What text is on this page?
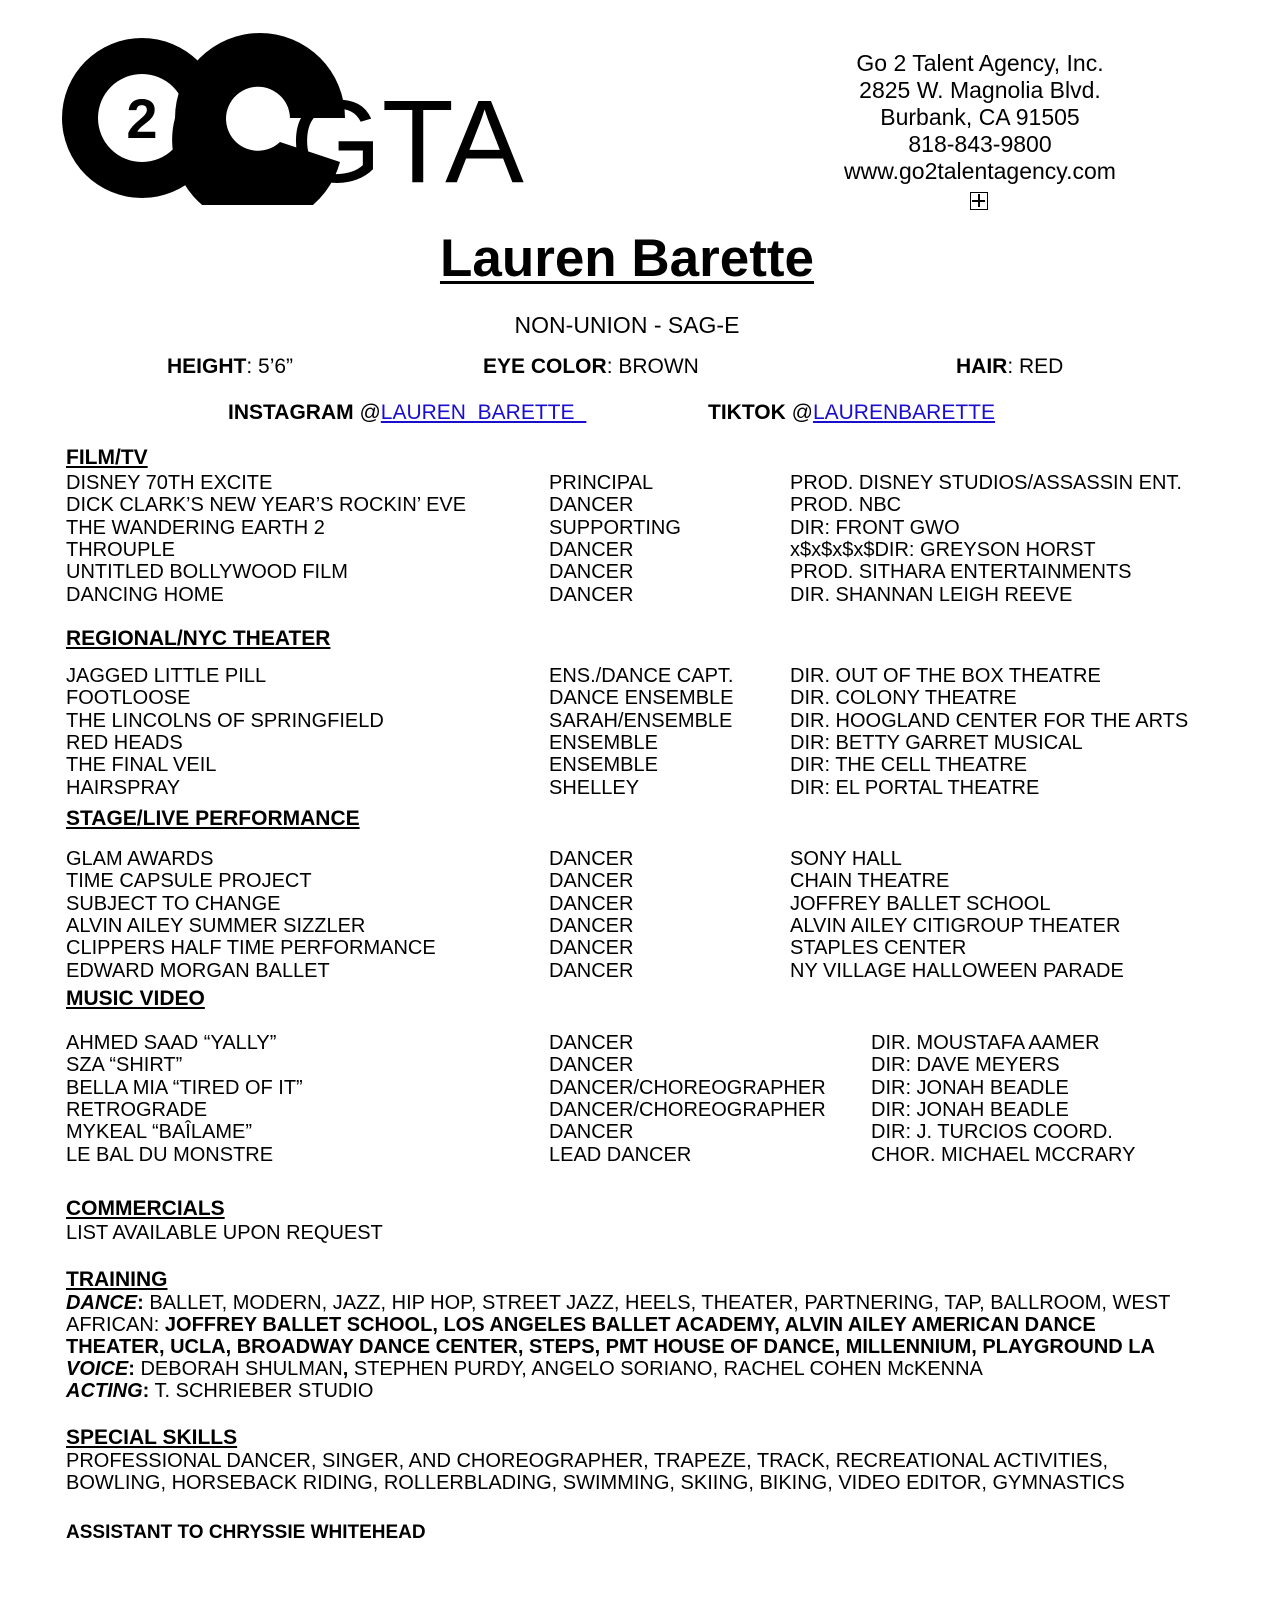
2 GTA
Go 2 Talent Agency, Inc.
2825 W. Magnolia Blvd.
Burbank, CA 91505
818-843-9800
www.go2talentagency.com
Lauren Barette
NON-UNION - SAG-E
HEIGHT: 5’6”	EYE COLOR: BROWN	HAIR: RED
INSTAGRAM @LAUREN_BARETTE_	TIKTOK @LAURENBARETTE
FILM/TV
DISNEY 70TH EXCITE	PRINCIPAL	PROD. DISNEY STUDIOS/ASSASSIN ENT.
DICK CLARK’S NEW YEAR’S ROCKIN’ EVE	DANCER	PROD. NBC
THE WANDERING EARTH 2	SUPPORTING	DIR: FRONT GWO
THROUPLE	DANCER	x$x$x$x$DIR: GREYSON HORST
UNTITLED BOLLYWOOD FILM	DANCER	PROD. SITHARA ENTERTAINMENTS
DANCING HOME	DANCER	DIR. SHANNAN LEIGH REEVE
REGIONAL/NYC THEATER
JAGGED LITTLE PILL	ENS./DANCE CAPT.	DIR. OUT OF THE BOX THEATRE
FOOTLOOSE	DANCE ENSEMBLE	DIR. COLONY THEATRE
THE LINCOLNS OF SPRINGFIELD	SARAH/ENSEMBLE	DIR. HOOGLAND CENTER FOR THE ARTS
RED HEADS	ENSEMBLE	DIR: BETTY GARRET MUSICAL
THE FINAL VEIL	ENSEMBLE	DIR: THE CELL THEATRE
HAIRSPRAY	SHELLEY	DIR: EL PORTAL THEATRE
STAGE/LIVE PERFORMANCE
GLAM AWARDS	DANCER	SONY HALL
TIME CAPSULE PROJECT	DANCER	CHAIN THEATRE
SUBJECT TO CHANGE	DANCER	JOFFREY BALLET SCHOOL
ALVIN AILEY SUMMER SIZZLER	DANCER	ALVIN AILEY CITIGROUP THEATER
CLIPPERS HALF TIME PERFORMANCE	DANCER	STAPLES CENTER
EDWARD MORGAN BALLET	DANCER	NY VILLAGE HALLOWEEN PARADE
MUSIC VIDEO
AHMED SAAD “YALLY”	DANCER	DIR. MOUSTAFA AAMER
SZA “SHIRT”	DANCER	DIR: DAVE MEYERS
BELLA MIA “TIRED OF IT”	DANCER/CHOREOGRAPHER DIR: JONAH BEADLE
RETROGRADE	DANCER/CHOREOGRAPHER DIR: JONAH BEADLE
MYKEAL “BAÎLAME”	DANCER	DIR: J. TURCIOS COORD.
LE BAL DU MONSTRE	LEAD DANCER	CHOR. MICHAEL MCCRARY
COMMERCIALS
LIST AVAILABLE UPON REQUEST
TRAINING
DANCE: BALLET, MODERN, JAZZ, HIP HOP, STREET JAZZ, HEELS, THEATER, PARTNERING, TAP, BALLROOM, WEST AFRICAN: JOFFREY BALLET SCHOOL, LOS ANGELES BALLET ACADEMY, ALVIN AILEY AMERICAN DANCE THEATER, UCLA, BROADWAY DANCE CENTER, STEPS, PMT HOUSE OF DANCE, MILLENNIUM, PLAYGROUND LA
VOICE: DEBORAH SHULMAN, STEPHEN PURDY, ANGELO SORIANO, RACHEL COHEN McKENNA
ACTING: T. SCHRIEBER STUDIO
SPECIAL SKILLS
PROFESSIONAL DANCER, SINGER, AND CHOREOGRAPHER, TRAPEZE, TRACK, RECREATIONAL ACTIVITIES, BOWLING, HORSEBACK RIDING, ROLLERBLADING, SWIMMING, SKIING, BIKING, VIDEO EDITOR, GYMNASTICS
ASSISTANT TO CHRYSSIE WHITEHEAD
